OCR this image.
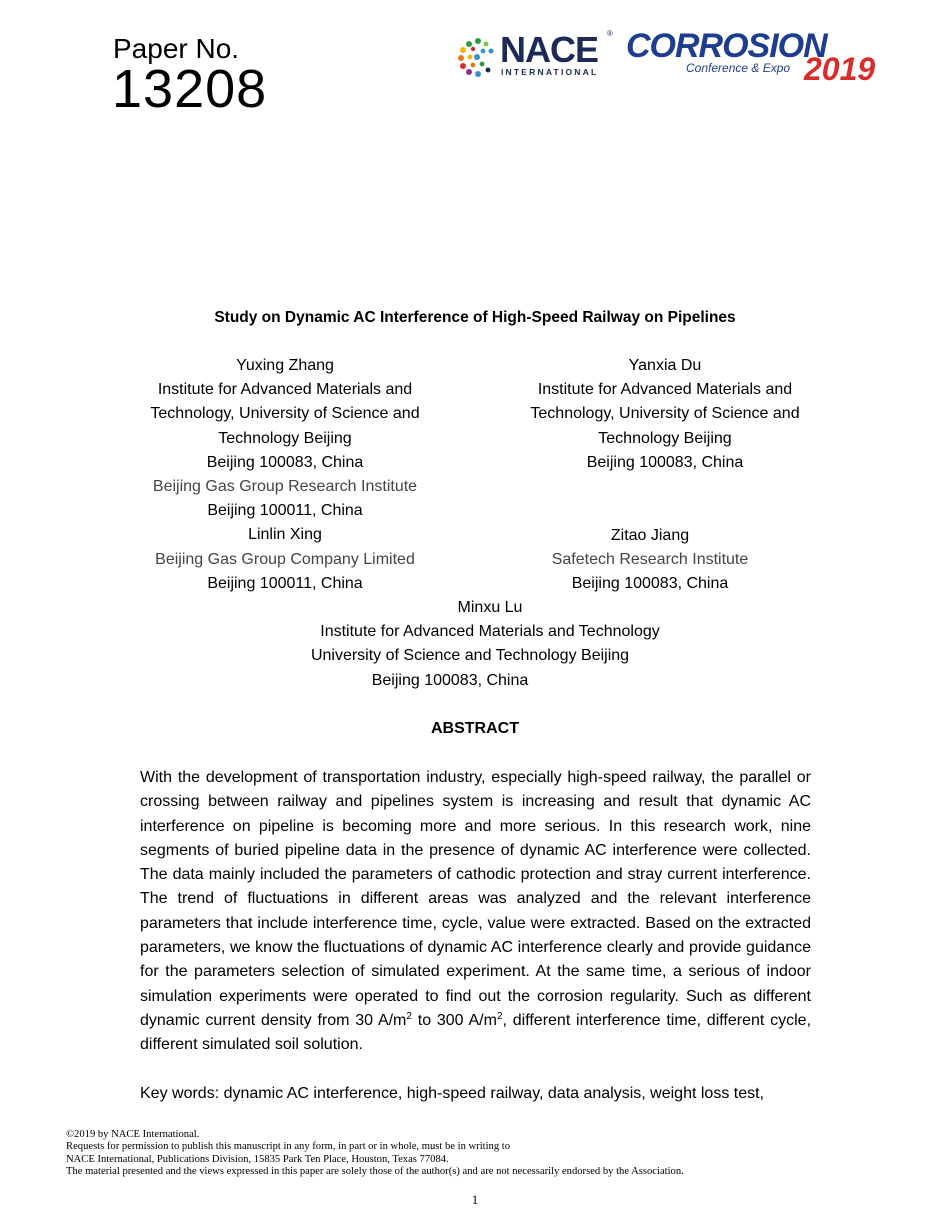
Paper No.
13208
NACE ®
INTERNATIONAL
CORROSION
Conference & Expo 2019
Study on Dynamic AC Interference of High-Speed Railway on Pipelines
Yuxing Zhang
Institute for Advanced Materials and
Technology, University of Science and
Technology Beijing
Beijing 100083, China
Beijing Gas Group Research Institute
Beijing 100011, China
Linlin Xing
Beijing Gas Group Company Limited
Beijing 100011, China
Yanxia Du
Institute for Advanced Materials and
Technology, University of Science and
Technology Beijing
Beijing 100083, China
Zitao Jiang
Safetech Research Institute
Beijing 100083, China
Minxu Lu
Institute for Advanced Materials and Technology
University of Science and Technology Beijing
Beijing 100083, China
ABSTRACT

With the development of transportation industry, especially high-speed railway, the parallel or crossing between railway and pipelines system is increasing and result that dynamic AC interference on pipeline is becoming more and more serious. In this research work, nine segments of buried pipeline data in the presence of dynamic AC interference were collected. The data mainly included the parameters of cathodic protection and stray current interference. The trend of fluctuations in different areas was analyzed and the relevant interference parameters that include interference time, cycle, value were extracted. Based on the extracted parameters, we know the fluctuations of dynamic AC interference clearly and provide guidance for the parameters selection of simulated experiment. At the same time, a serious of indoor simulation experiments were operated to find out the corrosion regularity. Such as different dynamic current density from 30 $A/m^2$ to 300 $A/m^2$, different interference time, different cycle, different simulated soil solution.

Key words: dynamic AC interference, high-speed railway, data analysis, weight loss test,
©2019 by NACE International.
Requests for permission to publish this manuscript in any form, in part or in whole, must be in writing to
NACE International, Publications Division, 15835 Park Ten Place, Houston, Texas 77084.
The material presented and the views expressed in this paper are solely those of the author(s) and are not necessarily endorsed by the Association.
1
